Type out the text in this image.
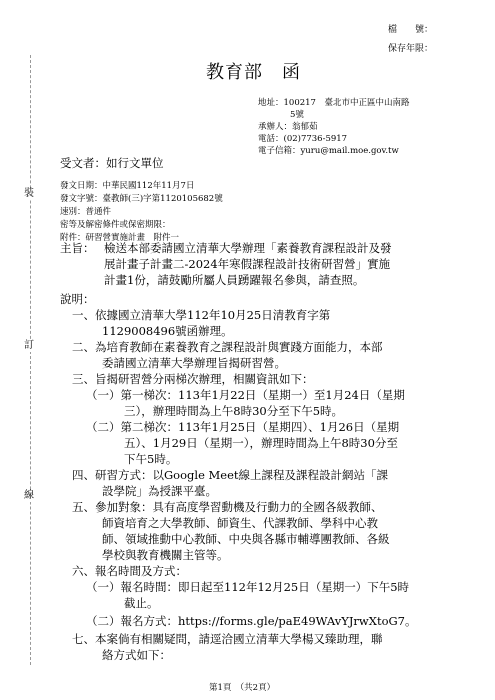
裝
訂
線
檔　　號：
保存年限：
教育部　函
地址：100217　臺北市中正區中山南路
5號
承辦人：翁郁茹
電話：(02)7736-5917
電子信箱：yuru@mail.moe.gov.tw
受文者：如行文單位
發文日期：中華民國112年11月7日
發文字號：臺教師(三)字第1120105682號
速別：普通件
密等及解密條件或保密期限：
附件：研習營實施計畫　附件一
主旨： 檢送本部委請國立清華大學辦理「素養教育課程設計及發
展計畫子計畫二-2024年寒假課程設計技術研習營」實施
計畫1份，請鼓勵所屬人員踴躍報名參與，請查照。
說明：
一、依據國立清華大學112年10月25日清教育字第
1129008496號函辦理。
二、為培育教師在素養教育之課程設計與實踐方面能力，本部
委請國立清華大學辦理旨揭研習營。
三、旨揭研習營分兩梯次辦理，相關資訊如下：
（一）第一梯次：113年1月22日（星期一）至1月24日（星期
三），辦理時間為上午8時30分至下午5時。
（二）第二梯次：113年1月25日（星期四）、1月26日（星期
五）、1月29日（星期一），辦理時間為上午8時30分至
下午5時。
四、研習方式：以Google Meet線上課程及課程設計網站「課
設學院」為授課平臺。
五、參加對象：具有高度學習動機及行動力的全國各級教師、
師資培育之大學教師、師資生、代課教師、學科中心教
師、領域推動中心教師、中央與各縣市輔導團教師、各級
學校與教育機關主管等。
六、報名時間及方式：
（一）報名時間：即日起至112年12月25日（星期一）下午5時
截止。
（二）報名方式：https://forms.gle/paE49WAvYJrwXtoG7。
七、本案倘有相關疑問，請逕洽國立清華大學楊又臻助理，聯
絡方式如下：
第1頁　（共2頁）
